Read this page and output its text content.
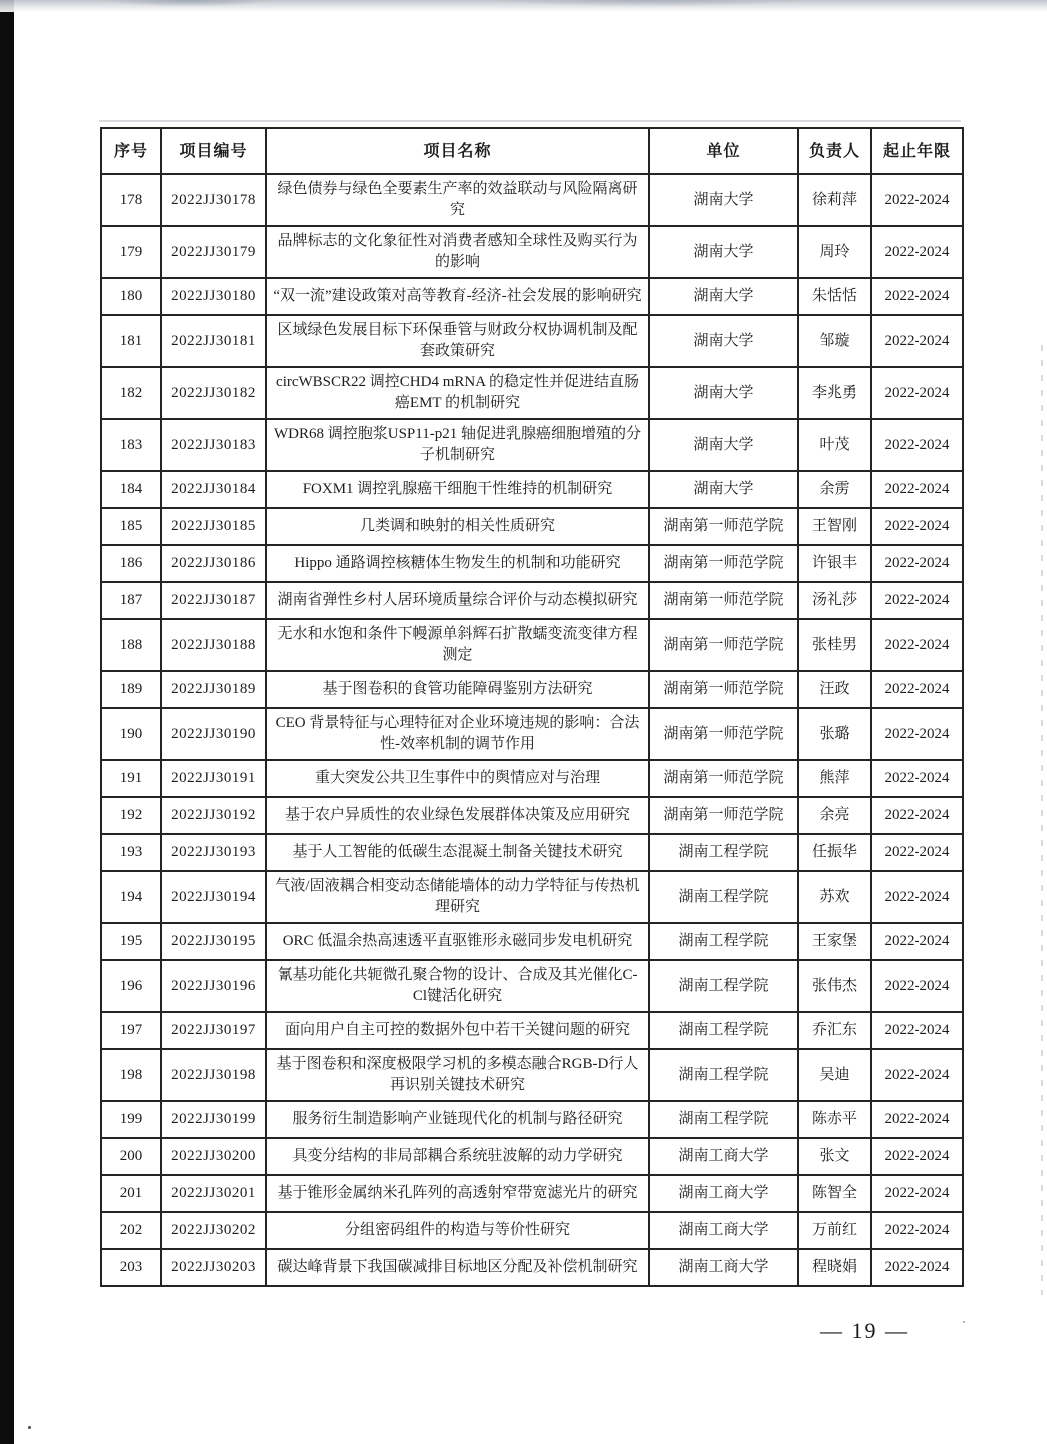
序号	项目编号	项目名称	单位	负责人	起止年限
178	2022JJ30178	绿色债券与绿色全要素生产率的效益联动与风险隔离研究	湖南大学	徐莉萍	2022-2024
179	2022JJ30179	品牌标志的文化象征性对消费者感知全球性及购买行为的影响	湖南大学	周玲	2022-2024
180	2022JJ30180	“双一流”建设政策对高等教育-经济-社会发展的影响研究	湖南大学	朱恬恬	2022-2024
181	2022JJ30181	区域绿色发展目标下环保垂管与财政分权协调机制及配套政策研究	湖南大学	邹璇	2022-2024
182	2022JJ30182	circWBSCR22 调控CHD4 mRNA 的稳定性并促进结直肠癌EMT 的机制研究	湖南大学	李兆勇	2022-2024
183	2022JJ30183	WDR68 调控胞浆USP11-p21 轴促进乳腺癌细胞增殖的分子机制研究	湖南大学	叶茂	2022-2024
184	2022JJ30184	FOXM1 调控乳腺癌干细胞干性维持的机制研究	湖南大学	余雳	2022-2024
185	2022JJ30185	几类调和映射的相关性质研究	湖南第一师范学院	王智刚	2022-2024
186	2022JJ30186	Hippo 通路调控核糖体生物发生的机制和功能研究	湖南第一师范学院	许银丰	2022-2024
187	2022JJ30187	湖南省弹性乡村人居环境质量综合评价与动态模拟研究	湖南第一师范学院	汤礼莎	2022-2024
188	2022JJ30188	无水和水饱和条件下幔源单斜辉石扩散蠕变流变律方程测定	湖南第一师范学院	张桂男	2022-2024
189	2022JJ30189	基于图卷积的食管功能障碍鉴别方法研究	湖南第一师范学院	汪政	2022-2024
190	2022JJ30190	CEO 背景特征与心理特征对企业环境违规的影响：合法性-效率机制的调节作用	湖南第一师范学院	张璐	2022-2024
191	2022JJ30191	重大突发公共卫生事件中的舆情应对与治理	湖南第一师范学院	熊萍	2022-2024
192	2022JJ30192	基于农户异质性的农业绿色发展群体决策及应用研究	湖南第一师范学院	余亮	2022-2024
193	2022JJ30193	基于人工智能的低碳生态混凝土制备关键技术研究	湖南工程学院	任振华	2022-2024
194	2022JJ30194	气液/固液耦合相变动态储能墙体的动力学特征与传热机理研究	湖南工程学院	苏欢	2022-2024
195	2022JJ30195	ORC 低温余热高速透平直驱锥形永磁同步发电机研究	湖南工程学院	王家堡	2022-2024
196	2022JJ30196	氰基功能化共轭微孔聚合物的设计、合成及其光催化C-Cl键活化研究	湖南工程学院	张伟杰	2022-2024
197	2022JJ30197	面向用户自主可控的数据外包中若干关键问题的研究	湖南工程学院	乔汇东	2022-2024
198	2022JJ30198	基于图卷积和深度极限学习机的多模态融合RGB-D行人再识别关键技术研究	湖南工程学院	吴迪	2022-2024
199	2022JJ30199	服务衍生制造影响产业链现代化的机制与路径研究	湖南工程学院	陈赤平	2022-2024
200	2022JJ30200	具变分结构的非局部耦合系统驻波解的动力学研究	湖南工商大学	张文	2022-2024
201	2022JJ30201	基于锥形金属纳米孔阵列的高透射窄带宽滤光片的研究	湖南工商大学	陈智全	2022-2024
202	2022JJ30202	分组密码组件的构造与等价性研究	湖南工商大学	万前红	2022-2024
203	2022JJ30203	碳达峰背景下我国碳减排目标地区分配及补偿机制研究	湖南工商大学	程晓娟	2022-2024
— 19 —
